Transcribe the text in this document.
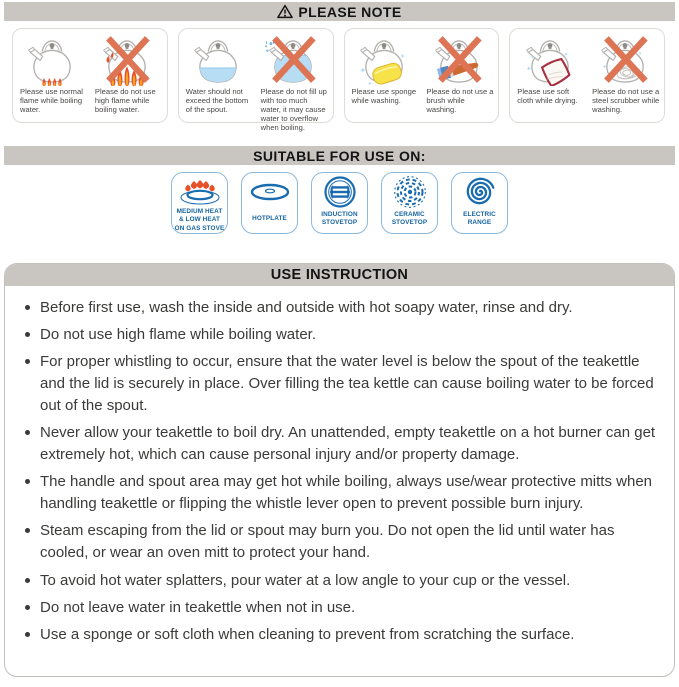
PLEASE NOTE
Please use normal flame while boiling water.
Please do not use high flame while boiling water.
Water should not exceed the bottom of the spout.
Please do not fill up with too much water, it may cause water to overflow when boiling.
Please use sponge while washing.
Please do not use a brush while washing.
Please use soft cloth while drying.
Please do not use a steel scrubber while washing.
SUITABLE FOR USE ON:
MEDIUM HEAT
& LOW HEAT
ON GAS STOVE
HOTPLATE
INDUCTION
STOVETOP
CERAMIC
STOVETOP
ELECTRIC
RANGE
USE INSTRUCTION
Before first use, wash the inside and outside with hot soapy water, rinse and dry.
Do not use high flame while boiling water.
For proper whistling to occur, ensure that the water level is below the spout of the teakettle and the lid is securely in place. Over filling the tea kettle can cause boiling water to be forced out of the spout.
Never allow your teakettle to boil dry. An unattended, empty teakettle on a hot burner can get extremely hot, which can cause personal injury and/or property damage.
The handle and spout area may get hot while boiling, always use/wear protective mitts when handling teakettle or flipping the whistle lever open to prevent possible burn injury.
Steam escaping from the lid or spout may burn you. Do not open the lid until water has cooled, or wear an oven mitt to protect your hand.
To avoid hot water splatters, pour water at a low angle to your cup or the vessel.
Do not leave water in teakettle when not in use.
Use a sponge or soft cloth when cleaning to prevent from scratching the surface.
